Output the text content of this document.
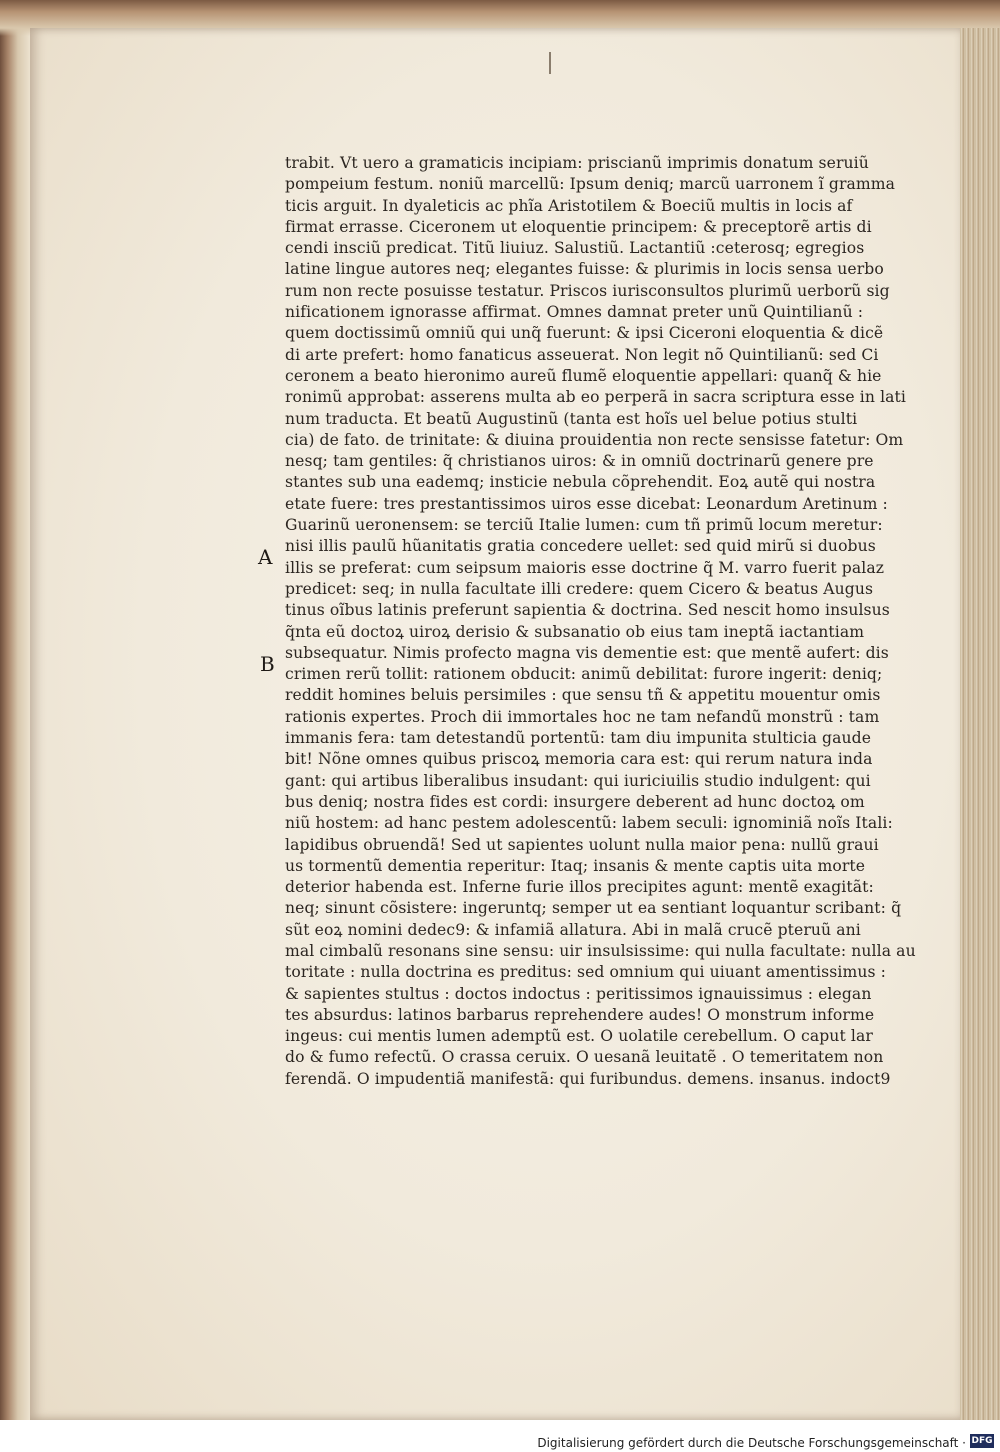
A
B
trabit. Vt uero a gramaticis incipiam: priscianũ imprimis donatum seruiũ
pompeium festum. noniũ marcellũ: Ipsum deniq; marcũ uarronem ĩ gramma
ticis arguit. In dyaleticis ac phĩa Aristotilem & Boeciũ multis in locis af
firmat errasse. Ciceronem ut eloquentie principem: & preceptorẽ artis di
cendi insciũ predicat. Titũ liuiuz. Salustiũ. Lactantiũ :ceterosq; egregios
latine lingue autores neq; elegantes fuisse: & plurimis in locis sensa uerbo
rum non recte posuisse testatur. Priscos iurisconsultos plurimũ uerborũ sig
nificationem ignorasse affirmat. Omnes damnat preter unũ Quintilianũ :
quem doctissimũ omniũ qui unq̃ fuerunt: & ipsi Ciceroni eloquentia & dicẽ
di arte prefert: homo fanaticus asseuerat. Non legit nõ Quintilianũ: sed Ci
ceronem a beato hieronimo aureũ flumẽ eloquentie appellari: quanq̃ & hie
ronimũ approbat: asserens multa ab eo perperã in sacra scriptura esse in lati
num traducta. Et beatũ Augustinũ (tanta est hoĩs uel belue potius stulti
cia) de fato. de trinitate: & diuina prouidentia non recte sensisse fatetur: Om
nesq; tam gentiles: q̃ christianos uiros: & in omniũ doctrinarũ genere pre
stantes sub una eademq; insticie nebula cõprehendit. Eoꝝ autẽ qui nostra
etate fuere: tres prestantissimos uiros esse dicebat: Leonardum Aretinum :
Guarinũ ueronensem: se terciũ Italie lumen: cum tñ primũ locum meretur:
nisi illis paulũ hũanitatis gratia concedere uellet: sed quid mirũ si duobus
illis se preferat: cum seipsum maioris esse doctrine q̃ M. varro fuerit palaz
predicet: seq; in nulla facultate illi credere: quem Cicero & beatus Augus
tinus oĩbus latinis preferunt sapientia & doctrina. Sed nescit homo insulsus
q̃nta eũ doctoꝝ uiroꝝ derisio & subsanatio ob eius tam ineptã iactantiam
subsequatur. Nimis profecto magna vis dementie est: que mentẽ aufert: dis
crimen rerũ tollit: rationem obducit: animũ debilitat: furore ingerit: deniq;
reddit homines beluis persimiles : que sensu tñ & appetitu mouentur omis
rationis expertes. Proch dii immortales hoc ne tam nefandũ monstrũ : tam
immanis fera: tam detestandũ portentũ: tam diu impunita stulticia gaude
bit! Nõne omnes quibus priscoꝝ memoria cara est: qui rerum natura inda
gant: qui artibus liberalibus insudant: qui iuriciuilis studio indulgent: qui
bus deniq; nostra fides est cordi: insurgere deberent ad hunc doctoꝝ om
niũ hostem: ad hanc pestem adolescentũ: labem seculi: ignominiã noĩs Itali:
lapidibus obruendã! Sed ut sapientes uolunt nulla maior pena: nullũ graui
us tormentũ dementia reperitur: Itaq; insanis & mente captis uita morte
deterior habenda est. Inferne furie illos precipites agunt: mentẽ exagitãt:
neq; sinunt cõsistere: ingeruntq; semper ut ea sentiant loquantur scribant: q̃
sũt eoꝝ nomini dedec9: & infamiã allatura. Abi in malã crucẽ pteruũ ani
mal cimbalũ resonans sine sensu: uir insulsissime: qui nulla facultate: nulla au
toritate : nulla doctrina es preditus: sed omnium qui uiuant amentissimus :
& sapientes stultus : doctos indoctus : peritissimos ignauissimus : elegan
tes absurdus: latinos barbarus reprehendere audes! O monstrum informe
ingeus: cui mentis lumen ademptũ est. O uolatile cerebellum. O caput lar
do & fumo refectũ. O crassa ceruix. O uesanã leuitatẽ . O temeritatem non
ferendã. O impudentiã manifestã: qui furibundus. demens. insanus. indoct9
Digitalisierung gefördert durch die Deutsche Forschungsgemeinschaft · DFG
